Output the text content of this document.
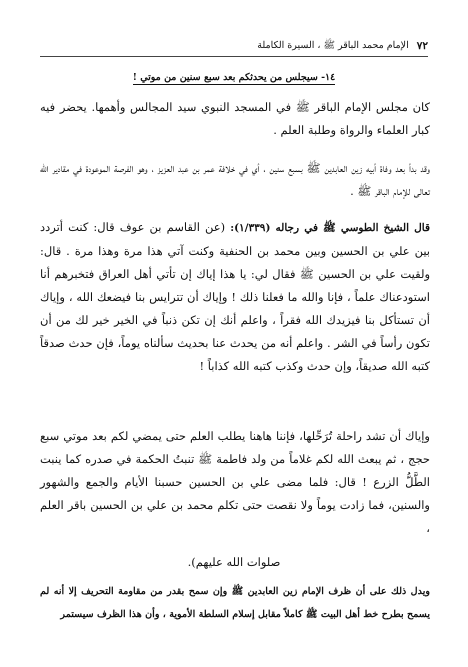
٧٢
الإمام محمد الباقر ﷺ ، السيرة الكاملة
١٤- سيجلس من يحدثكم بعد سبع سنين من موتي !

كان مجلس الإمام الباقر ﷺ في المسجد النبوي سيد المجالس وأهمها. يحضر فيه كبار العلماء والرواة وطلبة العلم .

وقد بدأ بعد وفاة أبيه زين العابدين ﷺ بسبع سنين ، أي في خلافة عمر بن عبد العزيز ، وهو الفرصة الموعودة في مقادير الله تعالى للإمام الباقر ﷺ .

قال الشيخ الطوسي ﷺ في رجاله (١/٣٣٩): (عن القاسم بن عوف قال: كنت أتردد بين علي بن الحسين وبين محمد بن الحنفية وكنت آتي هذا مرة وهذا مرة . قال: ولقيت علي بن الحسين ﷺ فقال لي: يا هذا إياك إن تأتي أهل العراق فتخبرهم أنا استودعناك علماً ، فإنا والله ما فعلنا ذلك ! وإياك أن تترايس بنا فيضعك الله ، وإياك أن تستأكل بنا فيزيدك الله فقراً ، واعلم أنك إن تكن ذنباً في الخير خير لك من أن تكون رأساً في الشر . واعلم أنه من يحدث عنا بحديث سألناه يوماً، فإن حدث صدقاً كتبه الله صديقاً، وإن حدث وكذب كتبه الله كذاباً !

وإياك أن تشد راحلة تُرَحِّلها، فإننا هاهنا يطلب العلم حتى يمضي لكم بعد موتي سبع حجج ، ثم يبعث الله لكم غلاماً من ولد فاطمة ﷺ تنبتُ الحكمة في صدره كما ينبت الطَّلُّ الزرع ! قال: فلما مضى علي بن الحسين حسبنا الأيام والجمع والشهور والسنين، فما زادت يوماً ولا نقصت حتى تكلم محمد بن علي بن الحسين باقر العلم ،

صلوات الله عليهم).

ويدل ذلك على أن ظرف الإمام زين العابدين ﷺ وإن سمح بقدر من مقاومة التحريف إلا أنه لم يسمح بطرح خط أهل البيت ﷺ كاملاً مقابل إسلام السلطة الأموية ، وأن هذا الظرف سيستمر
